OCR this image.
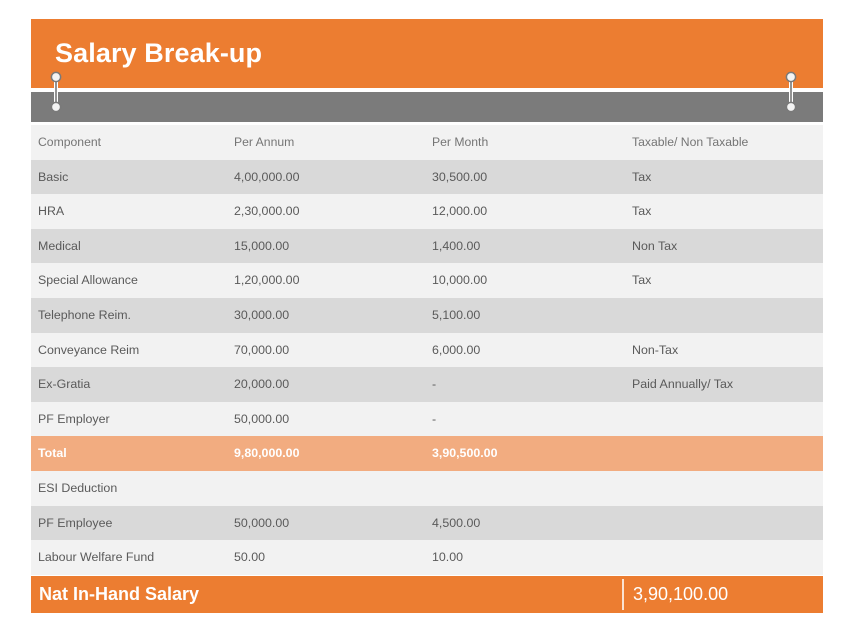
Salary Break-up
Component	Per Annum	Per Month	Taxable/ Non Taxable
Basic	4,00,000.00	30,500.00	Tax
HRA	2,30,000.00	12,000.00	Tax
Medical	15,000.00	1,400.00	Non Tax
Special Allowance	1,20,000.00	10,000.00	Tax
Telephone Reim.	30,000.00	5,100.00
Conveyance Reim	70,000.00	6,000.00	Non-Tax
Ex-Gratia	20,000.00	-	Paid Annually/ Tax
PF Employer	50,000.00	-
Total	9,80,000.00	3,90,500.00
ESI Deduction
PF Employee	50,000.00	4,500.00
Labour Welfare Fund	50.00	10.00
Nat In-Hand Salary	3,90,100.00
